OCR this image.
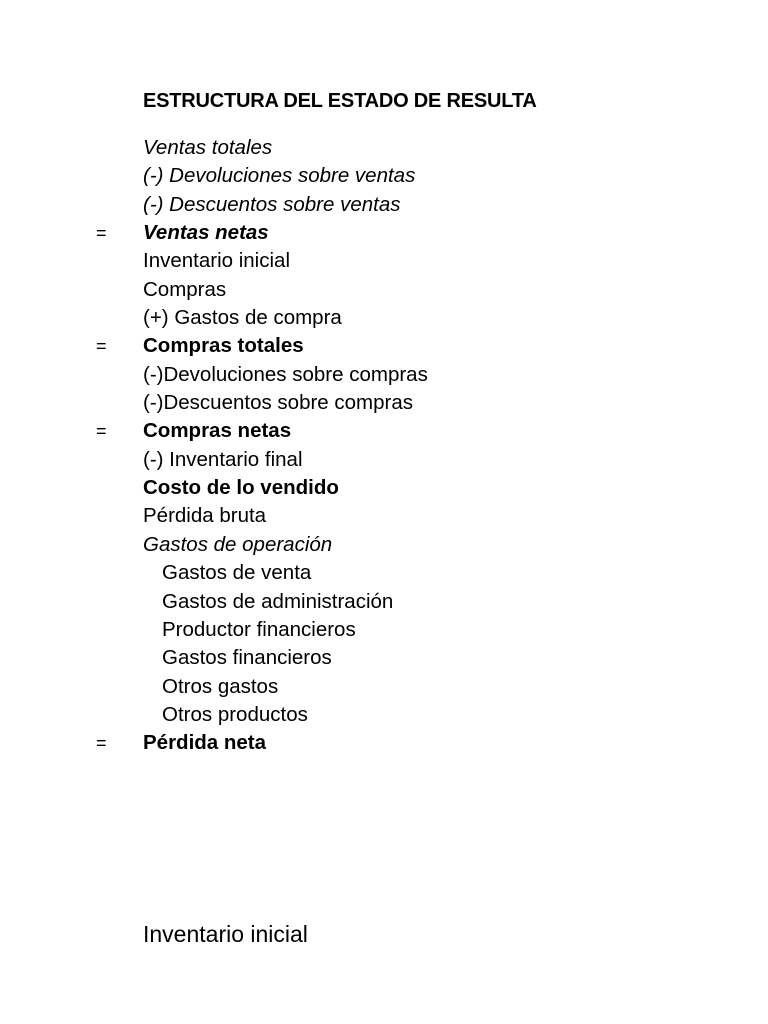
ESTRUCTURA DEL ESTADO DE RESULTA
Ventas totales
(-) Devoluciones sobre ventas
(-) Descuentos sobre ventas
= Ventas netas
Inventario inicial
Compras
(+) Gastos de compra
= Compras totales
(-)Devoluciones sobre compras
(-)Descuentos sobre compras
= Compras netas
(-) Inventario final
Costo de lo vendido
Pérdida bruta
Gastos de operación
Gastos de venta
Gastos de administración
Productor financieros
Gastos financieros
Otros gastos
Otros productos
= Pérdida neta
Inventario inicial
